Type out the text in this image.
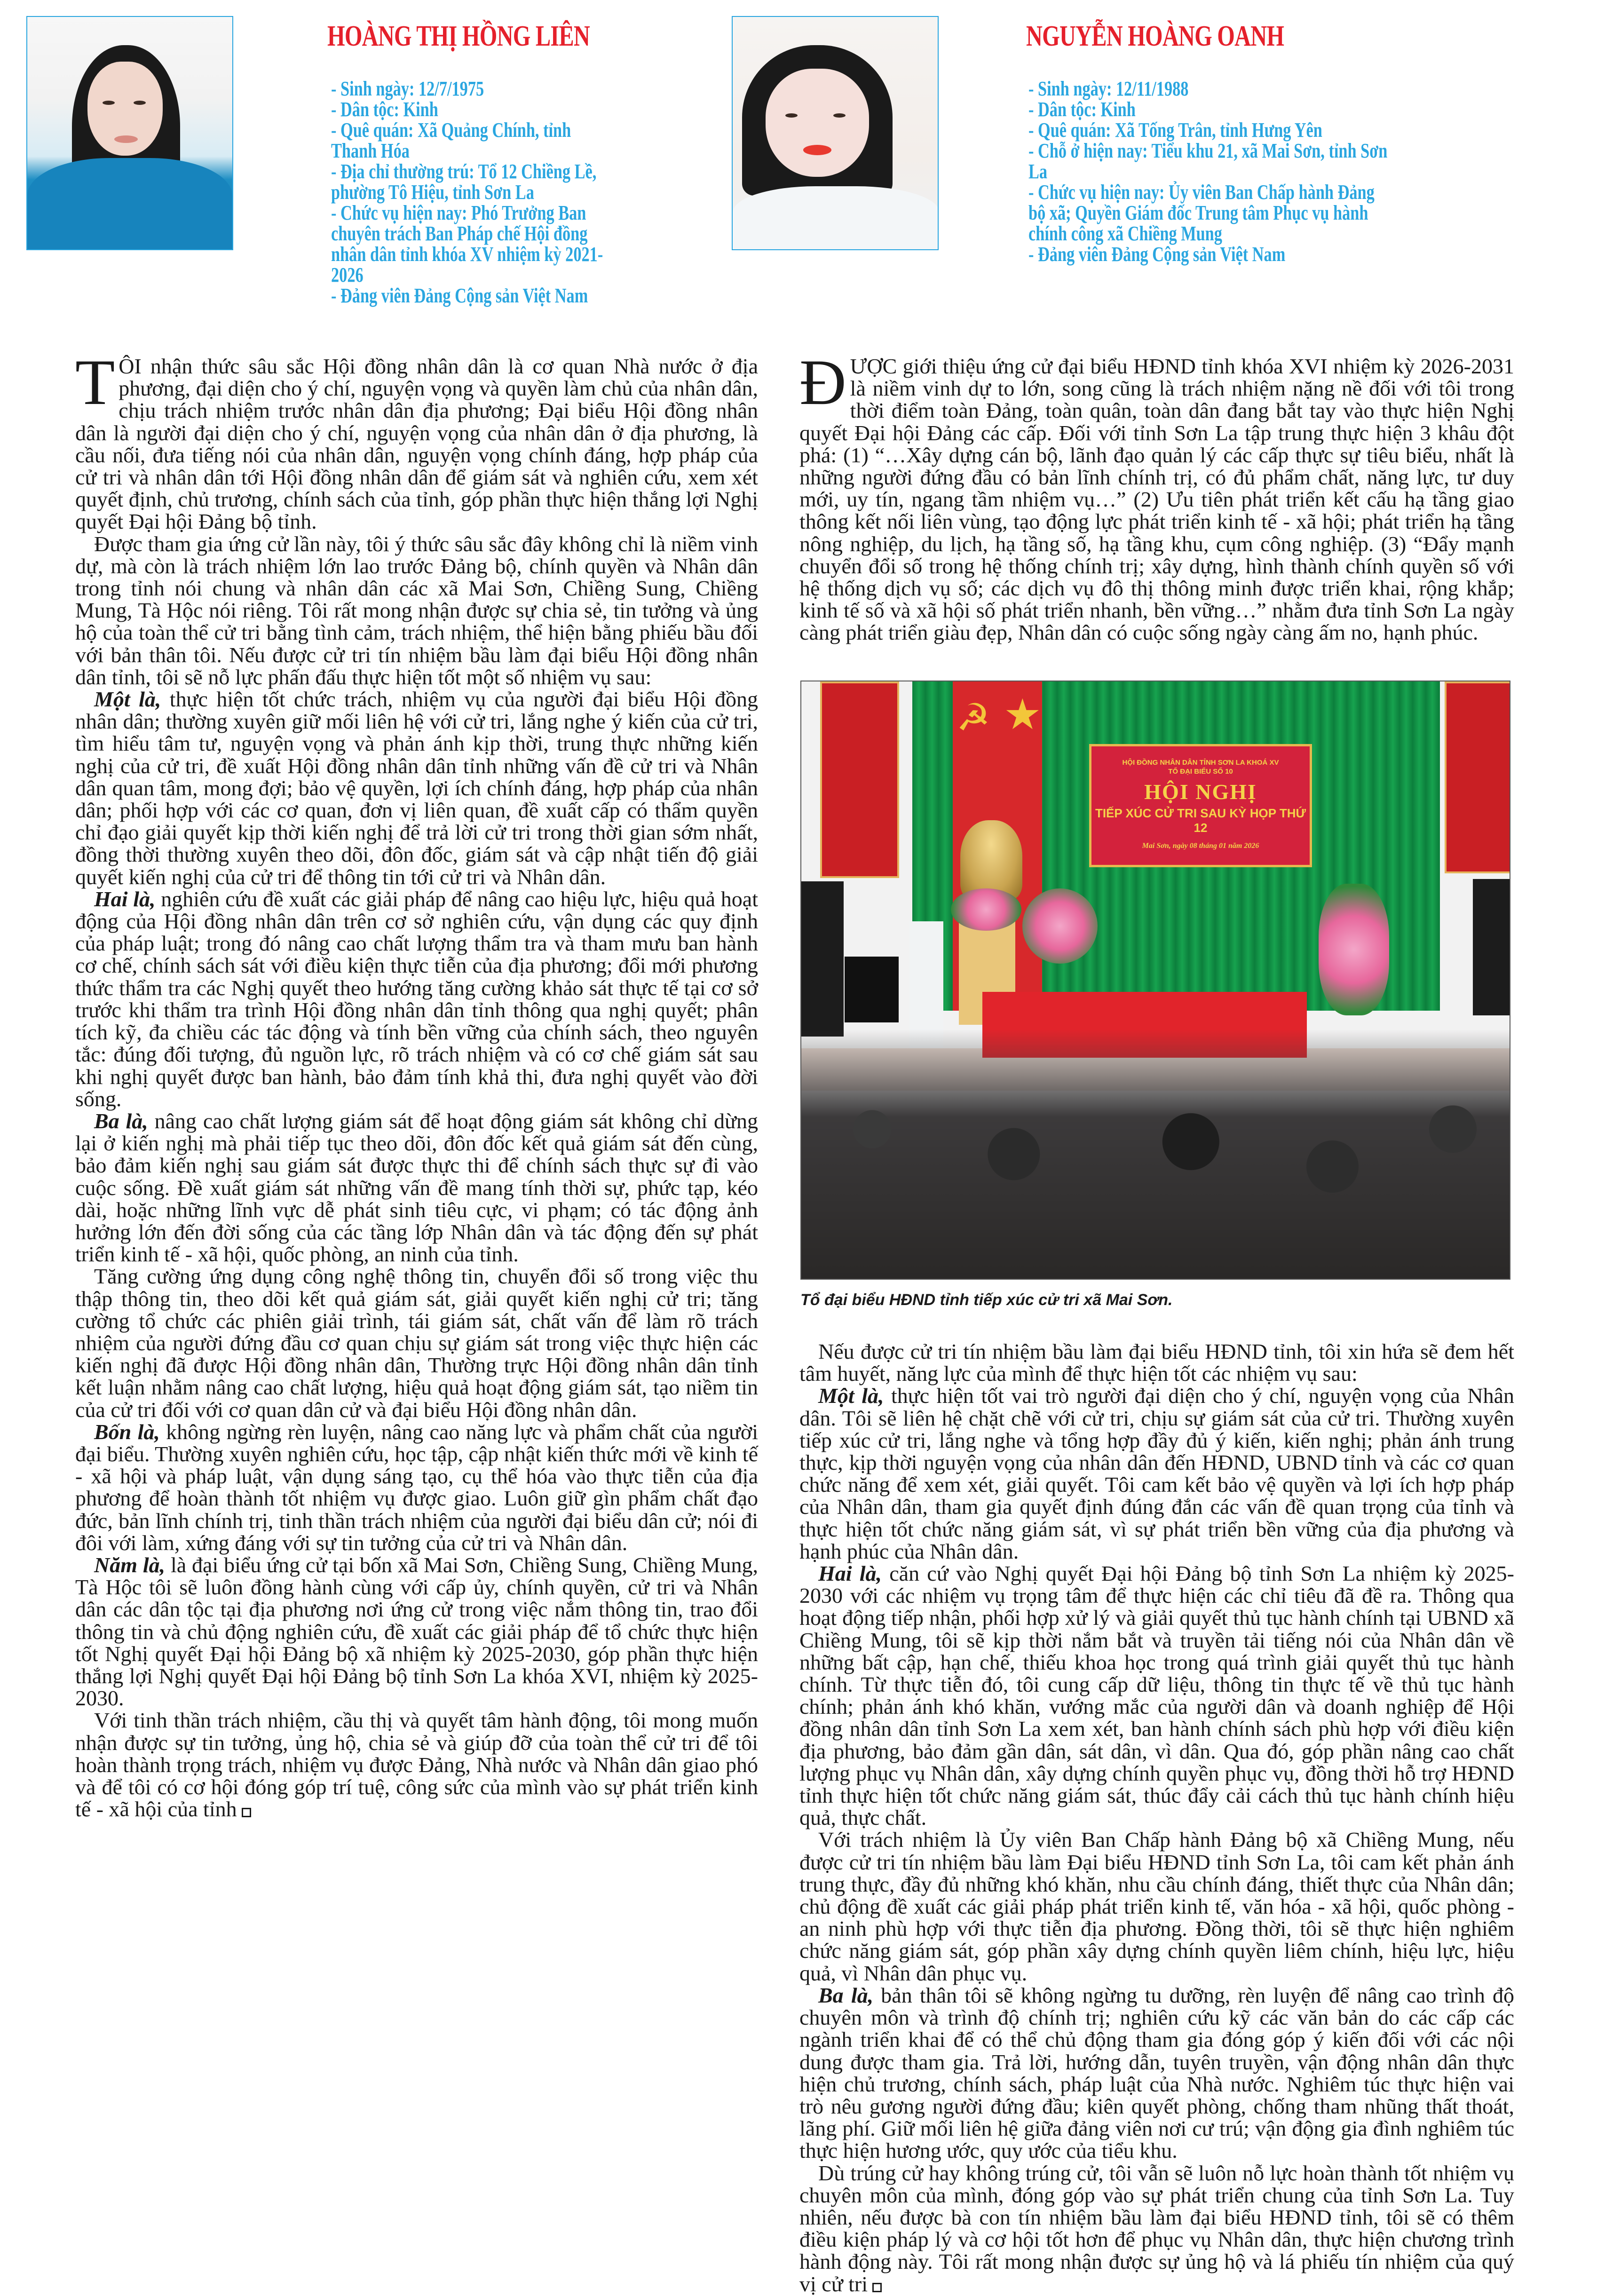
HOÀNG THỊ HỒNG LIÊN
- Sinh ngày: 12/7/1975
- Dân tộc: Kinh
- Quê quán: Xã Quảng Chính, tỉnh Thanh Hóa
- Địa chỉ thường trú: Tổ 12 Chiềng Lề, phường Tô Hiệu, tỉnh Sơn La
- Chức vụ hiện nay: Phó Trưởng Ban chuyên trách Ban Pháp chế Hội đồng nhân dân tỉnh khóa XV nhiệm kỳ 2021-2026
- Đảng viên Đảng Cộng sản Việt Nam
NGUYỄN HOÀNG OANH
- Sinh ngày: 12/11/1988
- Dân tộc: Kinh
- Quê quán: Xã Tống Trân, tỉnh Hưng Yên
- Chỗ ở hiện nay: Tiểu khu 21, xã Mai Sơn, tỉnh Sơn La
- Chức vụ hiện nay: Ủy viên Ban Chấp hành Đảng bộ xã; Quyền Giám đốc Trung tâm Phục vụ hành chính công xã Chiềng Mung
- Đảng viên Đảng Cộng sản Việt Nam

TÔI nhận thức sâu sắc Hội đồng nhân dân là cơ quan Nhà nước ở địa phương, đại diện cho ý chí, nguyện vọng và quyền làm chủ của nhân dân, chịu trách nhiệm trước nhân dân địa phương; Đại biểu Hội đồng nhân dân là người đại diện cho ý chí, nguyện vọng của nhân dân ở địa phương, là cầu nối, đưa tiếng nói của nhân dân, nguyện vọng chính đáng, hợp pháp của cử tri và nhân dân tới Hội đồng nhân dân để giám sát và nghiên cứu, xem xét quyết định, chủ trương, chính sách của tỉnh, góp phần thực hiện thắng lợi Nghị quyết Đại hội Đảng bộ tỉnh.

Được tham gia ứng cử lần này, tôi ý thức sâu sắc đây không chỉ là niềm vinh dự, mà còn là trách nhiệm lớn lao trước Đảng bộ, chính quyền và Nhân dân trong tỉnh nói chung và nhân dân các xã Mai Sơn, Chiềng Sung, Chiềng Mung, Tà Hộc nói riêng. Tôi rất mong nhận được sự chia sẻ, tin tưởng và ủng hộ của toàn thể cử tri bằng tình cảm, trách nhiệm, thể hiện bằng phiếu bầu đối với bản thân tôi. Nếu được cử tri tín nhiệm bầu làm đại biểu Hội đồng nhân dân tỉnh, tôi sẽ nỗ lực phấn đấu thực hiện tốt một số nhiệm vụ sau:

Một là, thực hiện tốt chức trách, nhiệm vụ của người đại biểu Hội đồng nhân dân; thường xuyên giữ mối liên hệ với cử tri, lắng nghe ý kiến của cử tri, tìm hiểu tâm tư, nguyện vọng và phản ánh kịp thời, trung thực những kiến nghị của cử tri, đề xuất Hội đồng nhân dân tỉnh những vấn đề cử tri và Nhân dân quan tâm, mong đợi; bảo vệ quyền, lợi ích chính đáng, hợp pháp của nhân dân; phối hợp với các cơ quan, đơn vị liên quan, đề xuất cấp có thẩm quyền chỉ đạo giải quyết kịp thời kiến nghị để trả lời cử tri trong thời gian sớm nhất, đồng thời thường xuyên theo dõi, đôn đốc, giám sát và cập nhật tiến độ giải quyết kiến nghị của cử tri để thông tin tới cử tri và Nhân dân.

Hai là, nghiên cứu đề xuất các giải pháp để nâng cao hiệu lực, hiệu quả hoạt động của Hội đồng nhân dân trên cơ sở nghiên cứu, vận dụng các quy định của pháp luật; trong đó nâng cao chất lượng thẩm tra và tham mưu ban hành cơ chế, chính sách sát với điều kiện thực tiễn của địa phương; đổi mới phương thức thẩm tra các Nghị quyết theo hướng tăng cường khảo sát thực tế tại cơ sở trước khi thẩm tra trình Hội đồng nhân dân tỉnh thông qua nghị quyết; phân tích kỹ, đa chiều các tác động và tính bền vững của chính sách, theo nguyên tắc: đúng đối tượng, đủ nguồn lực, rõ trách nhiệm và có cơ chế giám sát sau khi nghị quyết được ban hành, bảo đảm tính khả thi, đưa nghị quyết vào đời sống.

Ba là, nâng cao chất lượng giám sát để hoạt động giám sát không chỉ dừng lại ở kiến nghị mà phải tiếp tục theo dõi, đôn đốc kết quả giám sát đến cùng, bảo đảm kiến nghị sau giám sát được thực thi để chính sách thực sự đi vào cuộc sống. Đề xuất giám sát những vấn đề mang tính thời sự, phức tạp, kéo dài, hoặc những lĩnh vực dễ phát sinh tiêu cực, vi phạm; có tác động ảnh hưởng lớn đến đời sống của các tầng lớp Nhân dân và tác động đến sự phát triển kinh tế - xã hội, quốc phòng, an ninh của tỉnh.

Tăng cường ứng dụng công nghệ thông tin, chuyển đổi số trong việc thu thập thông tin, theo dõi kết quả giám sát, giải quyết kiến nghị cử tri; tăng cường tổ chức các phiên giải trình, tái giám sát, chất vấn để làm rõ trách nhiệm của người đứng đầu cơ quan chịu sự giám sát trong việc thực hiện các kiến nghị đã được Hội đồng nhân dân, Thường trực Hội đồng nhân dân tỉnh kết luận nhằm nâng cao chất lượng, hiệu quả hoạt động giám sát, tạo niềm tin của cử tri đối với cơ quan dân cử và đại biểu Hội đồng nhân dân.

Bốn là, không ngừng rèn luyện, nâng cao năng lực và phẩm chất của người đại biểu. Thường xuyên nghiên cứu, học tập, cập nhật kiến thức mới về kinh tế - xã hội và pháp luật, vận dụng sáng tạo, cụ thể hóa vào thực tiễn của địa phương để hoàn thành tốt nhiệm vụ được giao. Luôn giữ gìn phẩm chất đạo đức, bản lĩnh chính trị, tinh thần trách nhiệm của người đại biểu dân cử; nói đi đôi với làm, xứng đáng với sự tin tưởng của cử tri và Nhân dân.

Năm là, là đại biểu ứng cử tại bốn xã Mai Sơn, Chiềng Sung, Chiềng Mung, Tà Hộc tôi sẽ luôn đồng hành cùng với cấp ủy, chính quyền, cử tri và Nhân dân các dân tộc tại địa phương nơi ứng cử trong việc nắm thông tin, trao đổi thông tin và chủ động nghiên cứu, đề xuất các giải pháp để tổ chức thực hiện tốt Nghị quyết Đại hội Đảng bộ xã nhiệm kỳ 2025-2030, góp phần thực hiện thắng lợi Nghị quyết Đại hội Đảng bộ tỉnh Sơn La khóa XVI, nhiệm kỳ 2025-2030.

Với tinh thần trách nhiệm, cầu thị và quyết tâm hành động, tôi mong muốn nhận được sự tin tưởng, ủng hộ, chia sẻ và giúp đỡ của toàn thể cử tri để tôi hoàn thành trọng trách, nhiệm vụ được Đảng, Nhà nước và Nhân dân giao phó và để tôi có cơ hội đóng góp trí tuệ, công sức của mình vào sự phát triển kinh tế - xã hội của tỉnh

ĐƯỢC giới thiệu ứng cử đại biểu HĐND tỉnh khóa XVI nhiệm kỳ 2026-2031 là niềm vinh dự to lớn, song cũng là trách nhiệm nặng nề đối với tôi trong thời điểm toàn Đảng, toàn quân, toàn dân đang bắt tay vào thực hiện Nghị quyết Đại hội Đảng các cấp. Đối với tỉnh Sơn La tập trung thực hiện 3 khâu đột phá: (1) “…Xây dựng cán bộ, lãnh đạo quản lý các cấp thực sự tiêu biểu, nhất là những người đứng đầu có bản lĩnh chính trị, có đủ phẩm chất, năng lực, tư duy mới, uy tín, ngang tầm nhiệm vụ…” (2) Ưu tiên phát triển kết cấu hạ tầng giao thông kết nối liên vùng, tạo động lực phát triển kinh tế - xã hội; phát triển hạ tầng nông nghiệp, du lịch, hạ tầng số, hạ tầng khu, cụm công nghiệp. (3) “Đẩy mạnh chuyển đổi số trong hệ thống chính trị; xây dựng, hình thành chính quyền số với hệ thống dịch vụ số; các dịch vụ đô thị thông minh được triển khai, rộng khắp; kinh tế số và xã hội số phát triển nhanh, bền vững…” nhằm đưa tỉnh Sơn La ngày càng phát triển giàu đẹp, Nhân dân có cuộc sống ngày càng ấm no, hạnh phúc.

☭ ★
HỘI ĐỒNG NHÂN DÂN TỈNH SƠN LA KHOÁ XV
TỔ ĐẠI BIỂU SỐ 10
HỘI NGHỊ
TIẾP XÚC CỬ TRI SAU KỲ HỌP THỨ 12
Mai Sơn, ngày 08 tháng 01 năm 2026
Tổ đại biểu HĐND tỉnh tiếp xúc cử tri xã Mai Sơn.

Nếu được cử tri tín nhiệm bầu làm đại biểu HĐND tỉnh, tôi xin hứa sẽ đem hết tâm huyết, năng lực của mình để thực hiện tốt các nhiệm vụ sau:

Một là, thực hiện tốt vai trò người đại diện cho ý chí, nguyện vọng của Nhân dân. Tôi sẽ liên hệ chặt chẽ với cử tri, chịu sự giám sát của cử tri. Thường xuyên tiếp xúc cử tri, lắng nghe và tổng hợp đầy đủ ý kiến, kiến nghị; phản ánh trung thực, kịp thời nguyện vọng của nhân dân đến HĐND, UBND tỉnh và các cơ quan chức năng để xem xét, giải quyết. Tôi cam kết bảo vệ quyền và lợi ích hợp pháp của Nhân dân, tham gia quyết định đúng đắn các vấn đề quan trọng của tỉnh và thực hiện tốt chức năng giám sát, vì sự phát triển bền vững của địa phương và hạnh phúc của Nhân dân.

Hai là, căn cứ vào Nghị quyết Đại hội Đảng bộ tỉnh Sơn La nhiệm kỳ 2025-2030 với các nhiệm vụ trọng tâm để thực hiện các chỉ tiêu đã đề ra. Thông qua hoạt động tiếp nhận, phối hợp xử lý và giải quyết thủ tục hành chính tại UBND xã Chiềng Mung, tôi sẽ kịp thời nắm bắt và truyền tải tiếng nói của Nhân dân về những bất cập, hạn chế, thiếu khoa học trong quá trình giải quyết thủ tục hành chính. Từ thực tiễn đó, tôi cung cấp dữ liệu, thông tin thực tế về thủ tục hành chính; phản ánh khó khăn, vướng mắc của người dân và doanh nghiệp để Hội đồng nhân dân tỉnh Sơn La xem xét, ban hành chính sách phù hợp với điều kiện địa phương, bảo đảm gần dân, sát dân, vì dân. Qua đó, góp phần nâng cao chất lượng phục vụ Nhân dân, xây dựng chính quyền phục vụ, đồng thời hỗ trợ HĐND tỉnh thực hiện tốt chức năng giám sát, thúc đẩy cải cách thủ tục hành chính hiệu quả, thực chất.

Với trách nhiệm là Ủy viên Ban Chấp hành Đảng bộ xã Chiềng Mung, nếu được cử tri tín nhiệm bầu làm Đại biểu HĐND tỉnh Sơn La, tôi cam kết phản ánh trung thực, đầy đủ những khó khăn, nhu cầu chính đáng, thiết thực của Nhân dân; chủ động đề xuất các giải pháp phát triển kinh tế, văn hóa - xã hội, quốc phòng - an ninh phù hợp với thực tiễn địa phương. Đồng thời, tôi sẽ thực hiện nghiêm chức năng giám sát, góp phần xây dựng chính quyền liêm chính, hiệu lực, hiệu quả, vì Nhân dân phục vụ.

Ba là, bản thân tôi sẽ không ngừng tu dưỡng, rèn luyện để nâng cao trình độ chuyên môn và trình độ chính trị; nghiên cứu kỹ các văn bản do các cấp các ngành triển khai để có thể chủ động tham gia đóng góp ý kiến đối với các nội dung được tham gia. Trả lời, hướng dẫn, tuyên truyền, vận động nhân dân thực hiện chủ trương, chính sách, pháp luật của Nhà nước. Nghiêm túc thực hiện vai trò nêu gương người đứng đầu; kiên quyết phòng, chống tham nhũng thất thoát, lãng phí. Giữ mối liên hệ giữa đảng viên nơi cư trú; vận động gia đình nghiêm túc thực hiện hương ước, quy ước của tiểu khu.

Dù trúng cử hay không trúng cử, tôi vẫn sẽ luôn nỗ lực hoàn thành tốt nhiệm vụ chuyên môn của mình, đóng góp vào sự phát triển chung của tỉnh Sơn La. Tuy nhiên, nếu được bà con tín nhiệm bầu làm đại biểu HĐND tỉnh, tôi sẽ có thêm điều kiện pháp lý và cơ hội tốt hơn để phục vụ Nhân dân, thực hiện chương trình hành động này. Tôi rất mong nhận được sự ủng hộ và lá phiếu tín nhiệm của quý vị cử tri
